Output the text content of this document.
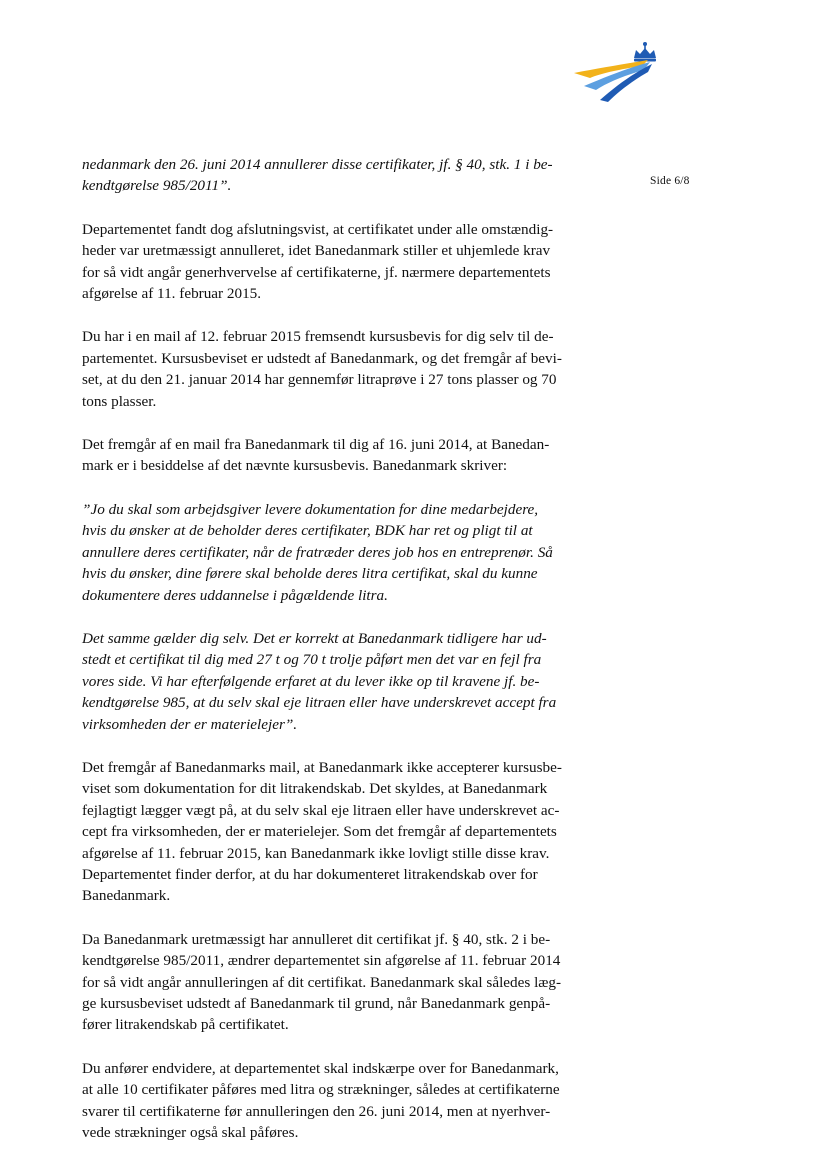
Side 6/8

nedanmark den 26. juni 2014 annullerer disse certifikater, jf. § 40, stk. 1 i be-
kendtgørelse 985/2011”.

Departementet fandt dog afslutningsvist, at certifikatet under alle omstændig-
heder var uretmæssigt annulleret, idet Banedanmark stiller et uhjemlede krav
for så vidt angår generhvervelse af certifikaterne, jf. nærmere departementets
afgørelse af 11. februar 2015.

Du har i en mail af 12. februar 2015 fremsendt kursusbevis for dig selv til de-
partementet. Kursusbeviset er udstedt af Banedanmark, og det fremgår af bevi-
set, at du den 21. januar 2014 har gennemfør litraprøve i 27 tons plasser og 70
tons plasser.

Det fremgår af en mail fra Banedanmark til dig af 16. juni 2014, at Banedan-
mark er i besiddelse af det nævnte kursusbevis. Banedanmark skriver:

”Jo du skal som arbejdsgiver levere dokumentation for dine medarbejdere,
hvis du ønsker at de beholder deres certifikater, BDK har ret og pligt til at
annullere deres certifikater, når de fratræder deres job hos en entreprenør. Så
hvis du ønsker, dine førere skal beholde deres litra certifikat, skal du kunne
dokumentere deres uddannelse i pågældende litra.

Det samme gælder dig selv. Det er korrekt at Banedanmark tidligere har ud-
stedt et certifikat til dig med 27 t og 70 t trolje påført men det var en fejl fra
vores side. Vi har efterfølgende erfaret at du lever ikke op til kravene jf. be-
kendtgørelse 985, at du selv skal eje litraen eller have underskrevet accept fra
virksomheden der er materielejer”.

Det fremgår af Banedanmarks mail, at Banedanmark ikke accepterer kursusbe-
viset som dokumentation for dit litrakendskab. Det skyldes, at Banedanmark
fejlagtigt lægger vægt på, at du selv skal eje litraen eller have underskrevet ac-
cept fra virksomheden, der er materielejer. Som det fremgår af departementets
afgørelse af 11. februar 2015, kan Banedanmark ikke lovligt stille disse krav.
Departementet finder derfor, at du har dokumenteret litrakendskab over for
Banedanmark.

Da Banedanmark uretmæssigt har annulleret dit certifikat jf. § 40, stk. 2 i be-
kendtgørelse 985/2011, ændrer departementet sin afgørelse af 11. februar 2014
for så vidt angår annulleringen af dit certifikat. Banedanmark skal således læg-
ge kursusbeviset udstedt af Banedanmark til grund, når Banedanmark genpå-
fører litrakendskab på certifikatet.

Du anfører endvidere, at departementet skal indskærpe over for Banedanmark,
at alle 10 certifikater påføres med litra og strækninger, således at certifikaterne
svarer til certifikaterne før annulleringen den 26. juni 2014, men at nyerhver-
vede strækninger også skal påføres.
